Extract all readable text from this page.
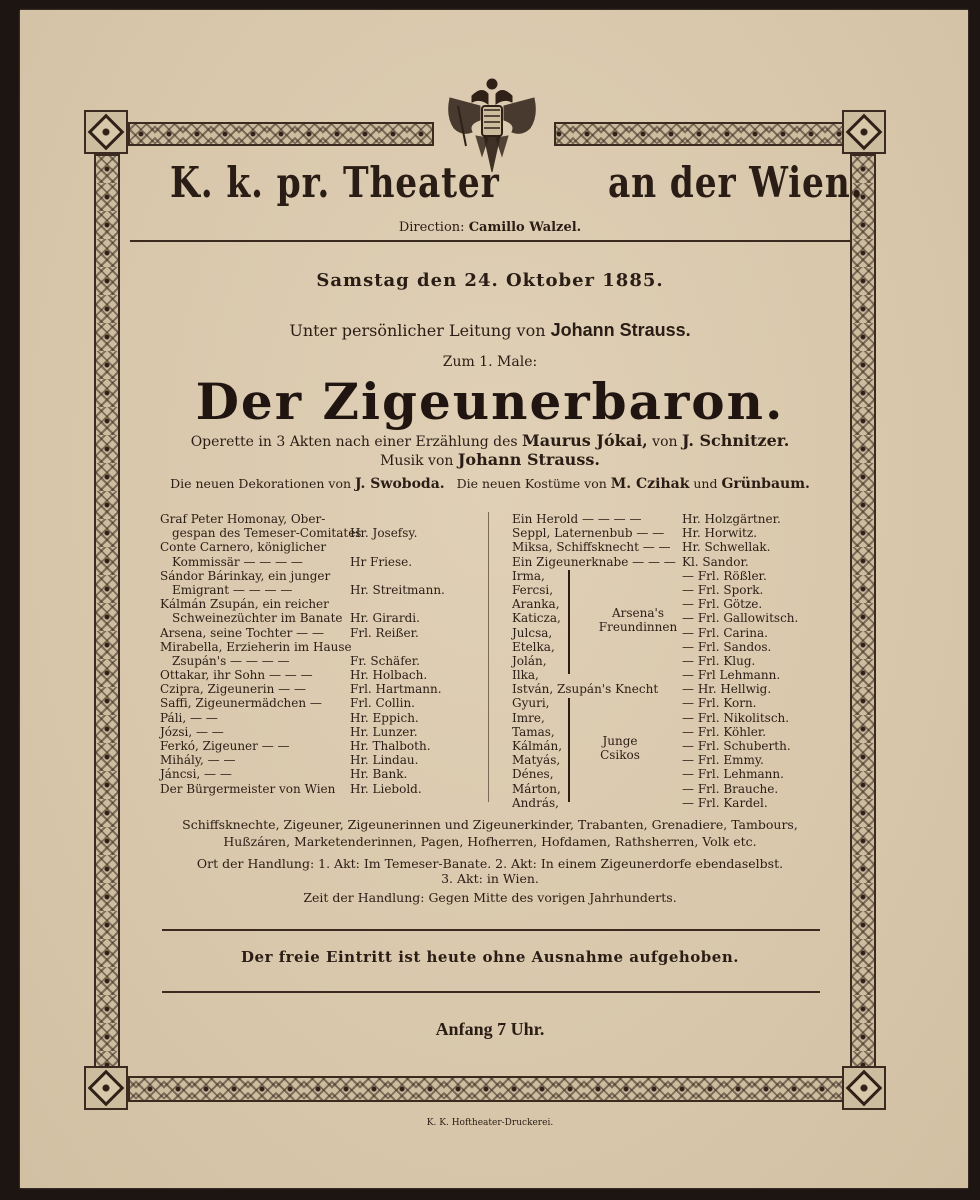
K. k. pr. Theater	an der Wien.
Direction: Camillo Walzel.
Samstag den 24. Oktober 1885.
Unter persönlicher Leitung von Johann Strauss.
Zum 1. Male:
Der Zigeunerbaron.
Operette in 3 Akten nach einer Erzählung des Maurus Jókai, von J. Schnitzer.
Musik von Johann Strauss.
Die neuen Dekorationen von J. Swoboda. Die neuen Kostüme von M. Czihak und Grünbaum.
Graf Peter Homonay, Ober-
gespan des Temeser-Comitates
Hr. Josefsy.
Conte Carnero, königlicher
Kommissär — — — —	Hr Friese.
Sándor Bárinkay, ein junger
Emigrant — — — —	Hr. Streitmann.
Kálmán Zsupán, ein reicher
Schweinezüchter im Banate Hr. Girardi.
Arsena, seine Tochter — — Frl. Reißer.
Mirabella, Erzieherin im Hause
Zsupán's — — — —	Fr. Schäfer.
Ottakar, ihr Sohn — — —	Hr. Holbach.
Czipra, Zigeunerin — —	Frl. Hartmann.
Saffi, Zigeunermädchen — Frl. Collin.
Páli, — —	Hr. Eppich.
Józsi, — —	Hr. Lunzer.
Ferkó, Zigeuner — —	Hr. Thalboth.
Mihály, — —	Hr. Lindau.
Jáncsi, — —	Hr. Bank.
Der Bürgermeister von Wien Hr. Liebold.
Ein Herold — — — —	Hr. Holzgärtner.
Seppl, Laternenbub — — Hr. Horwitz.
Miksa, Schiffsknecht — — Hr. Schwellak.
Ein Zigeunerknabe — — — Kl. Sandor.
Irma,	— Frl. Rößler.
Fercsi,	— Frl. Spork.
Aranka,	— Frl. Götze.
Katicza,	— Frl. Gallowitsch.
Julcsa,	— Frl. Carina.
Etelka,	— Frl. Sandos.
Jolán,	— Frl. Klug.
Ilka,	— Frl Lehmann.
István, Zsupán's Knecht — Hr. Hellwig.
Gyuri,	— Frl. Korn.
Imre,	— Frl. Nikolitsch.
Tamas,	— Frl. Köhler.
Kálmán,	— Frl. Schuberth.
Matyás,	— Frl. Emmy.
Dénes,	— Frl. Lehmann.
Márton,	— Frl. Brauche.
András,	— Frl. Kardel.
Arsena's
Freundinnen
Junge
Csikos
Schiffsknechte, Zigeuner, Zigeunerinnen und Zigeunerkinder, Trabanten, Grenadiere, Tambours, Hußzáren, Marketenderinnen, Pagen, Hofherren, Hofdamen, Rathsherren, Volk etc.
Ort der Handlung: 1. Akt: Im Temeser-Banate. 2. Akt: In einem Zigeunerdorfe ebendaselbst.
3. Akt: in Wien.
Zeit der Handlung: Gegen Mitte des vorigen Jahrhunderts.
Der freie Eintritt ist heute ohne Ausnahme aufgehoben.
Anfang 7 Uhr.
K. K. Hoftheater-Druckerei.
